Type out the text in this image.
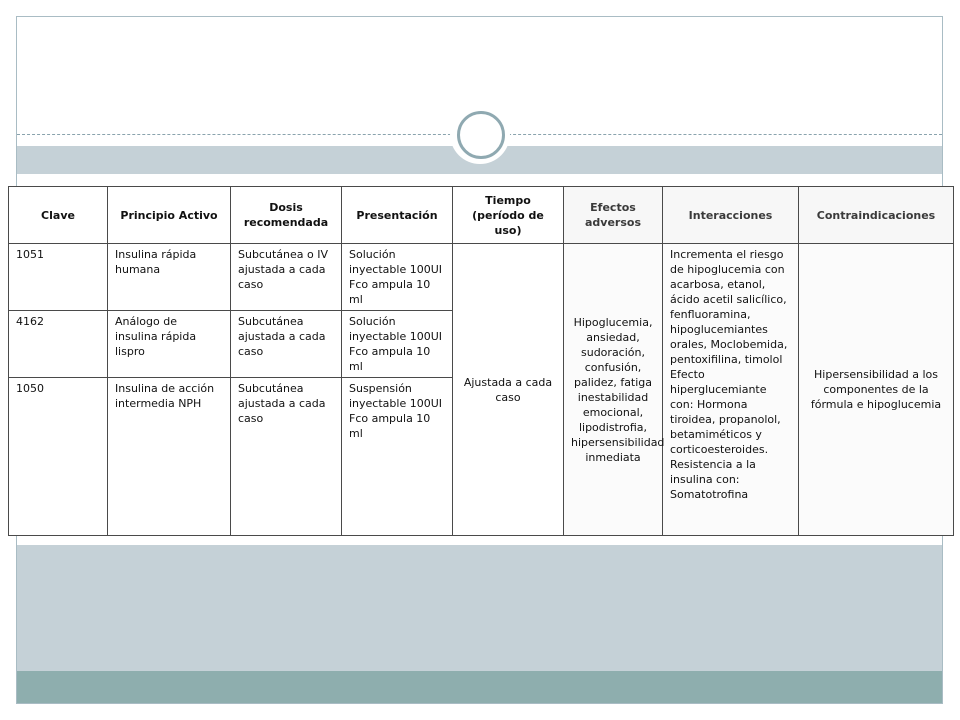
Clave	Principio Activo	Dosis recomendada	Presentación	Tiempo (período de uso)	Efectos adversos	Interacciones	Contraindicaciones
1051	Insulina rápida humana	Subcutánea o IV ajustada a cada caso	Solución inyectable 100UI Fco ampula 10 ml	Ajustada a cada caso	Hipoglucemia, ansiedad, sudoración, confusión, palidez, fatiga inestabilidad emocional, lipodistrofia, hipersensibilidad inmediata	Incrementa el riesgo de hipoglucemia con acarbosa, etanol, ácido acetil salicílico, fenfluoramina, hipoglucemiantes orales, Moclobemida, pentoxifilina, timolol Efecto hiperglucemiante con: Hormona tiroidea, propanolol, betamiméticos y corticoesteroides. Resistencia a la insulina con: Somatotrofina	Hipersensibilidad a los componentes de la fórmula e hipoglucemia
4162	Análogo de insulina rápida lispro	Subcutánea ajustada a cada caso	Solución inyectable 100UI Fco ampula 10 ml				
1050	Insulina de acción intermedia NPH	Subcutánea ajustada a cada caso	Suspensión inyectable 100UI Fco ampula 10 ml				
